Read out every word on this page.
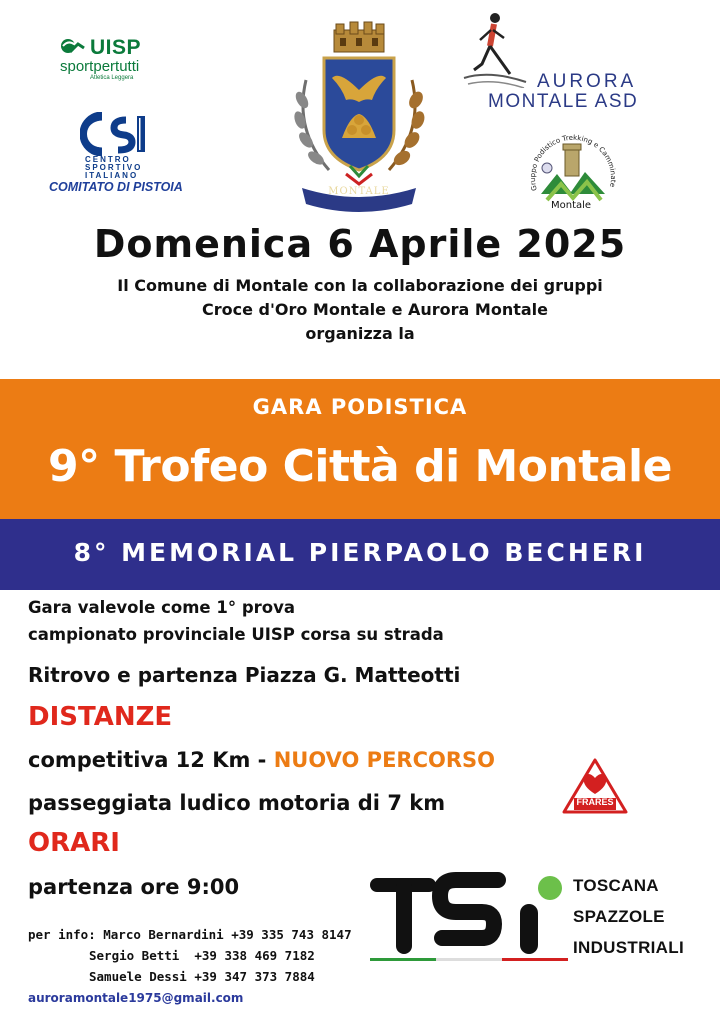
UISP
sportpertutti
Atletica Leggera
CENTRO
SPORTIVO
ITALIANO
COMITATO DI PISTOIA	MONTALE
AURORA
MONTALE ASD
Gruppo Podistico Trekking e Camminate
Montale
Domenica 6 Aprile 2025
Il Comune di Montale con la collaborazione dei gruppi
Croce d'Oro Montale e Aurora Montale
organizza la
GARA PODISTICA
9° Trofeo Città di Montale
8° MEMORIAL PIERPAOLO BECHERI
Gara valevole come 1° prova
campionato provinciale UISP corsa su strada
Ritrovo e partenza Piazza G. Matteotti
DISTANZE
competitiva 12 Km - NUOVO PERCORSO
passeggiata ludico motoria di 7 km
ORARI
partenza ore 9:00
per info: Marco Bernardini +39 335 743 8147
Sergio Betti  +39 338 469 7182
Samuele Dessi +39 347 373 7884
auroramontale1975@gmail.com
FRARES
TOSCANA
SPAZZOLE
INDUSTRIALI
